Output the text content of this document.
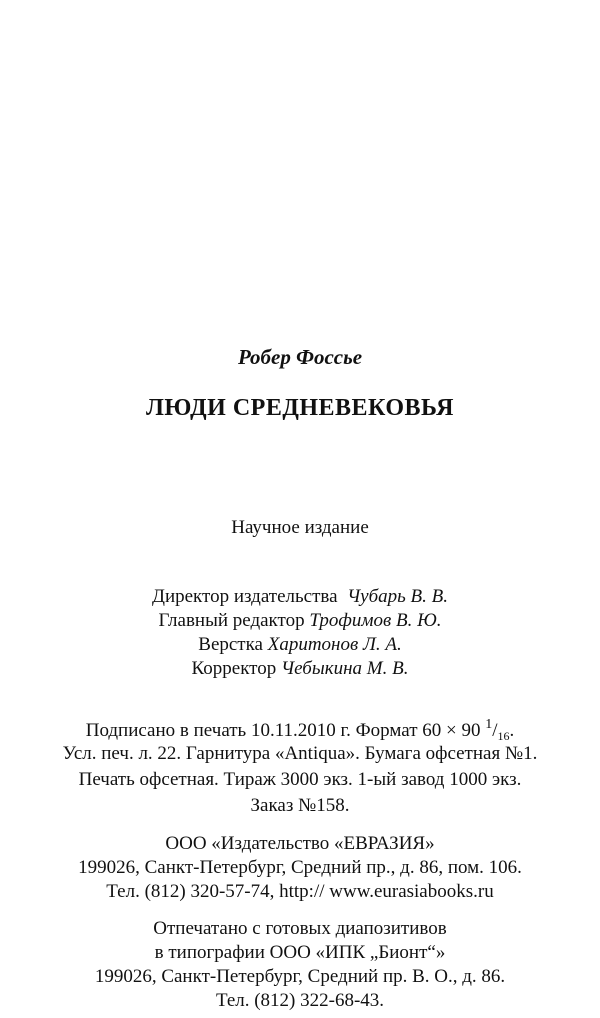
Робер Фоссье
ЛЮДИ СРЕДНЕВЕКОВЬЯ
Научное издание
Директор издательства Чубарь В. В.
Главный редактор Трофимов В. Ю.
Верстка Харитонов Л. А.
Корректор Чебыкина М. В.
Подписано в печать 10.11.2010 г. Формат 60 × 90 $^1/_{16}$.
Усл. печ. л. 22. Гарнитура «Antiqua». Бумага офсетная №1.
Печать офсетная. Тираж 3000 экз. 1-ый завод 1000 экз.
Заказ №158.
ООО «Издательство «ЕВРАЗИЯ»
199026, Санкт-Петербург, Средний пр., д. 86, пом. 106.
Тел. (812) 320-57-74, http:// www.eurasiabooks.ru
Отпечатано с готовых диапозитивов
в типографии ООО «ИПК „Бионт“»
199026, Санкт-Петербург, Средний пр. В. О., д. 86.
Тел. (812) 322-68-43.
